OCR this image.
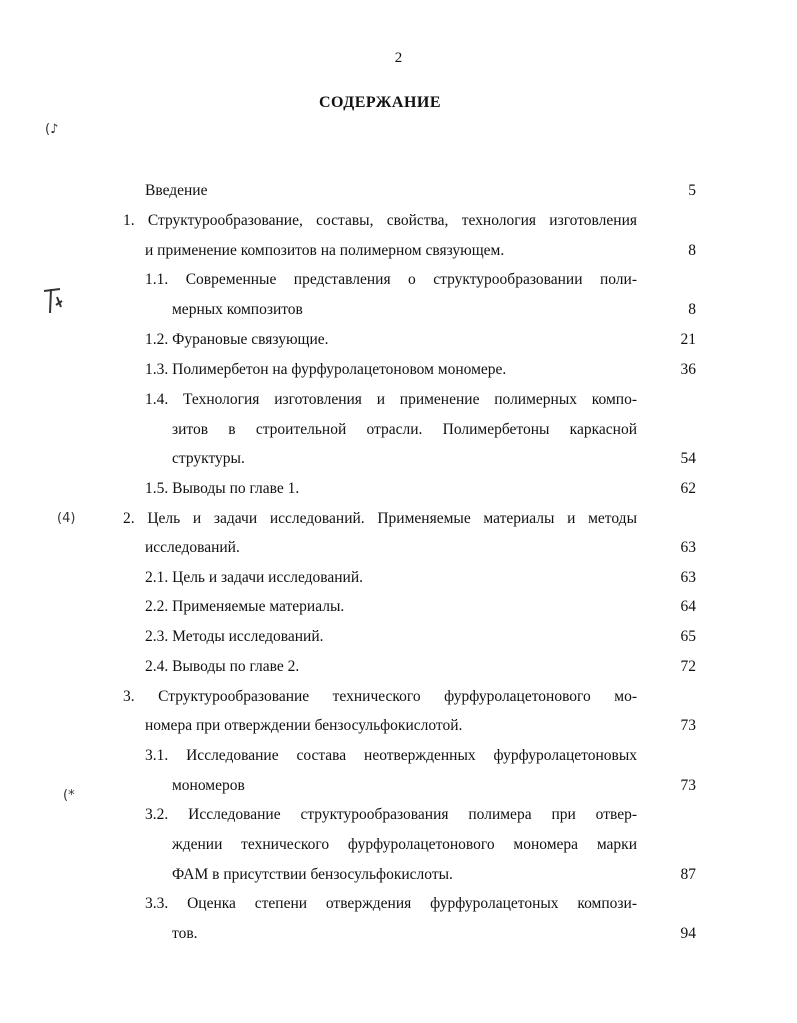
2
СОДЕРЖАНИЕ
(♪
(4)
(*
Введение	5
1. Структурообразование, составы, свойства, технология изготовления
и применение композитов на полимерном связующем.	8
1.1. Современные представления о структурообразовании поли-
мерных композитов	8
1.2. Фурановые связующие.	21
1.3. Полимербетон на фурфуролацетоновом мономере.	36
1.4. Технология изготовления и применение полимерных компо-
зитов в строительной отрасли. Полимербетоны каркасной
структуры.	54
1.5. Выводы по главе 1.	62
2. Цель и задачи исследований. Применяемые материалы и методы
исследований.	63
2.1. Цель и задачи исследований.	63
2.2. Применяемые материалы.	64
2.3. Методы исследований.	65
2.4. Выводы по главе 2.	72
3. Структурообразование технического фурфуролацетонового мо-
номера при отверждении бензосульфокислотой.	73
3.1. Исследование состава неотвержденных фурфуролацетоновых
мономеров	73
3.2. Исследование структурообразования полимера при отвер-
ждении технического фурфуролацетонового мономера марки
ФАМ в присутствии бензосульфокислоты.	87
3.3. Оценка степени отверждения фурфуролацетоных компози-
тов.	94
